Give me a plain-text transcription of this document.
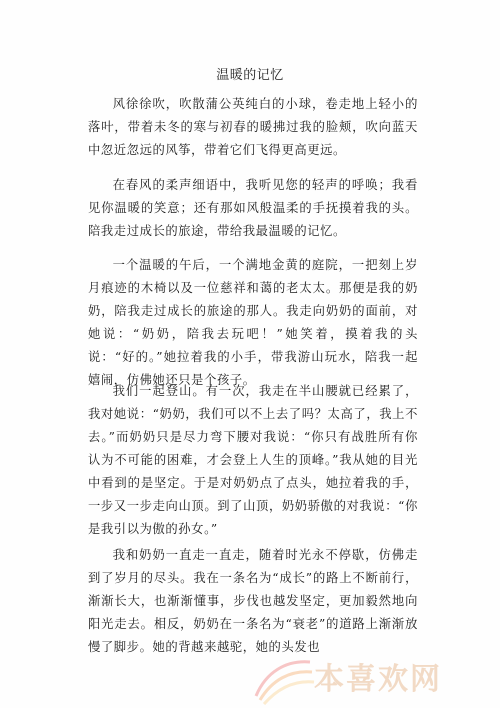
温暖的记忆

风徐徐吹，吹散蒲公英纯白的小球，卷走地上轻小的落叶，带着未冬的寒与初春的暖拂过我的脸颊，吹向蓝天中忽近忽远的风筝，带着它们飞得更高更远。

在春风的柔声细语中，我听见您的轻声的呼唤；我看见你温暖的笑意；还有那如风般温柔的手抚摸着我的头。陪我走过成长的旅途，带给我最温暖的记忆。

一个温暖的午后，一个满地金黄的庭院，一把刻上岁月痕迹的木椅以及一位慈祥和蔼的老太太。那便是我的奶奶，陪我走过成长的旅途的那人。我走向奶奶的面前，对她说：“奶奶，陪我去玩吧！”她笑着，摸着我的头说：“好的。”她拉着我的小手，带我游山玩水，陪我一起嬉闹，仿佛她还只是个孩子。

我们一起登山。有一次，我走在半山腰就已经累了，我对她说：“奶奶，我们可以不上去了吗？太高了，我上不去。”而奶奶只是尽力弯下腰对我说：“你只有战胜所有你认为不可能的困难，才会登上人生的顶峰。”我从她的目光中看到的是坚定。于是对奶奶点了点头，她拉着我的手，一步又一步走向山顶。到了山顶，奶奶骄傲的对我说：“你是我引以为傲的孙女。”

我和奶奶一直走一直走，随着时光永不停歇，仿佛走到了岁月的尽头。我在一条名为“成长”的路上不断前行，渐渐长大，也渐渐懂事，步伐也越发坚定，更加毅然地向阳光走去。相反，奶奶在一条名为“衰老”的道路上渐渐放慢了脚步。她的背越来越驼，她的头发也

本喜欢网
